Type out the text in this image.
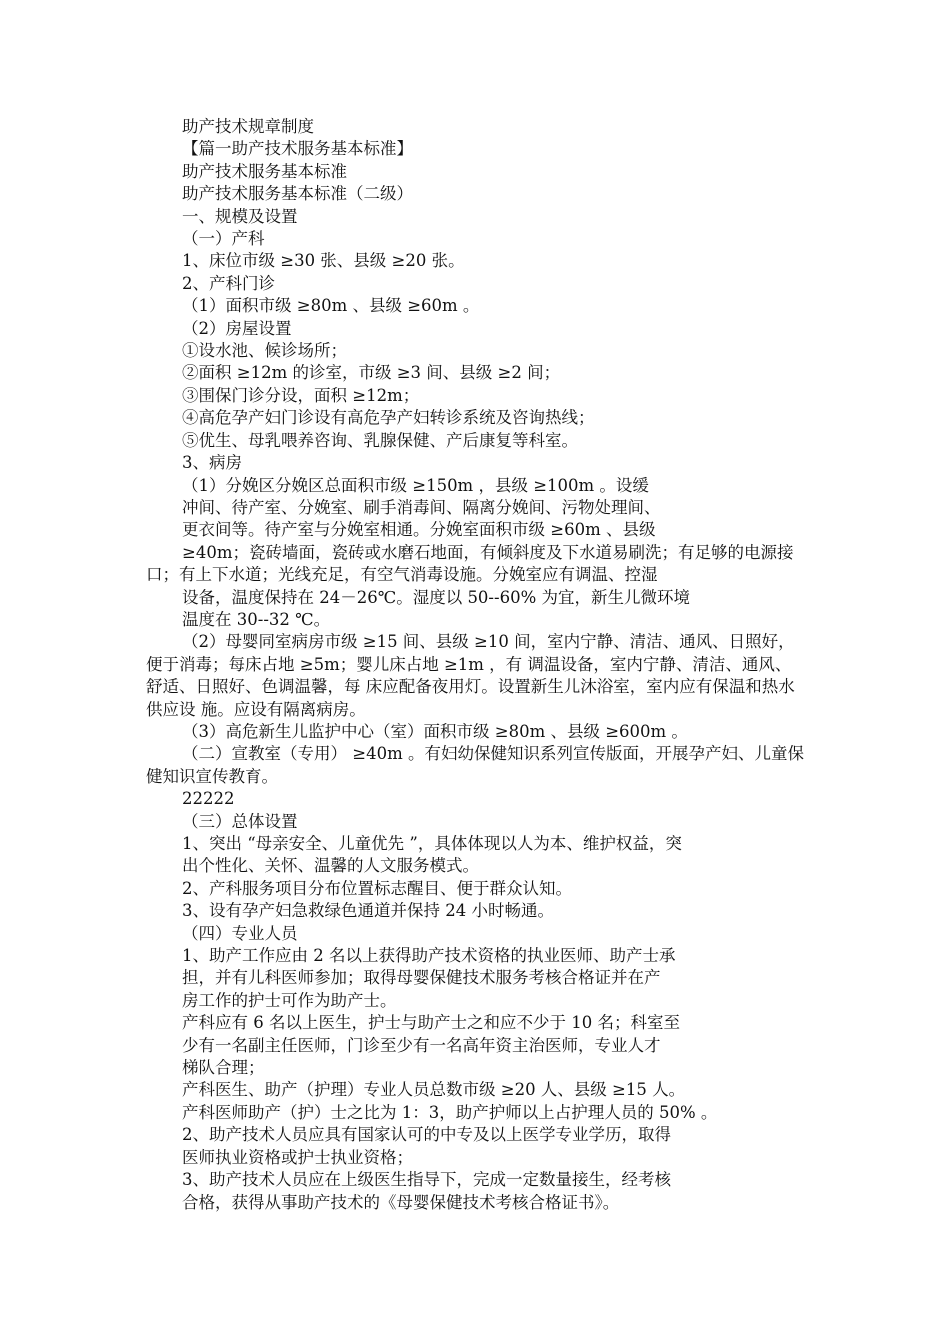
助产技术规章制度
【篇一助产技术服务基本标准】
助产技术服务基本标准
助产技术服务基本标准（二级）
一、规模及设置
（一）产科
1、床位市级 ≥30 张、县级 ≥20 张。
2、产科门诊
（1）面积市级 ≥80m 、县级 ≥60m 。
（2）房屋设置
①设水池、候诊场所；
②面积 ≥12m 的诊室，市级 ≥3 间、县级 ≥2 间；
③围保门诊分设，面积 ≥12m；
④高危孕产妇门诊设有高危孕产妇转诊系统及咨询热线；
⑤优生、母乳喂养咨询、乳腺保健、产后康复等科室。
3、病房
（1）分娩区分娩区总面积市级 ≥150m ，县级 ≥100m 。设缓
冲间、待产室、分娩室、刷手消毒间、隔离分娩间、污物处理间、
更衣间等。待产室与分娩室相通。分娩室面积市级 ≥60m 、县级
≥40m；瓷砖墙面，瓷砖或水磨石地面，有倾斜度及下水道易刷洗；有足够的电源接口；有上下水道；光线充足，有空气消毒设施。分娩室应有调温、控湿
设备，温度保持在 24－26℃。湿度以 50--60% 为宜，新生儿微环境
温度在 30--32 ℃。
（2）母婴同室病房市级 ≥15 间、县级 ≥10 间，室内宁静、清洁、通风、日照好，便于消毒；每床占地 ≥5m；婴儿床占地 ≥1m ，有 调温设备，室内宁静、清洁、通风、舒适、日照好、色调温馨，每 床应配备夜用灯。设置新生儿沐浴室，室内应有保温和热水供应设 施。应设有隔离病房。
（3）高危新生儿监护中心（室）面积市级 ≥80m 、县级 ≥600m 。
（二）宣教室（专用） ≥40m 。有妇幼保健知识系列宣传版面，开展孕产妇、儿童保健知识宣传教育。
22222
（三）总体设置
1、突出 “母亲安全、儿童优先 ”，具体体现以人为本、维护权益，突
出个性化、关怀、温馨的人文服务模式。
2、产科服务项目分布位置标志醒目、便于群众认知。
3、设有孕产妇急救绿色通道并保持 24 小时畅通。
（四）专业人员
1、助产工作应由 2 名以上获得助产技术资格的执业医师、助产士承
担，并有儿科医师参加；取得母婴保健技术服务考核合格证并在产
房工作的护士可作为助产士。
产科应有 6 名以上医生，护士与助产士之和应不少于 10 名；科室至
少有一名副主任医师，门诊至少有一名高年资主治医师，专业人才
梯队合理；
产科医生、助产（护理）专业人员总数市级 ≥20 人、县级 ≥15 人。
产科医师助产（护）士之比为 1：3，助产护师以上占护理人员的 50% 。
2、助产技术人员应具有国家认可的中专及以上医学专业学历，取得
医师执业资格或护士执业资格；
3、助产技术人员应在上级医生指导下，完成一定数量接生，经考核
合格，获得从事助产技术的《母婴保健技术考核合格证书》。
